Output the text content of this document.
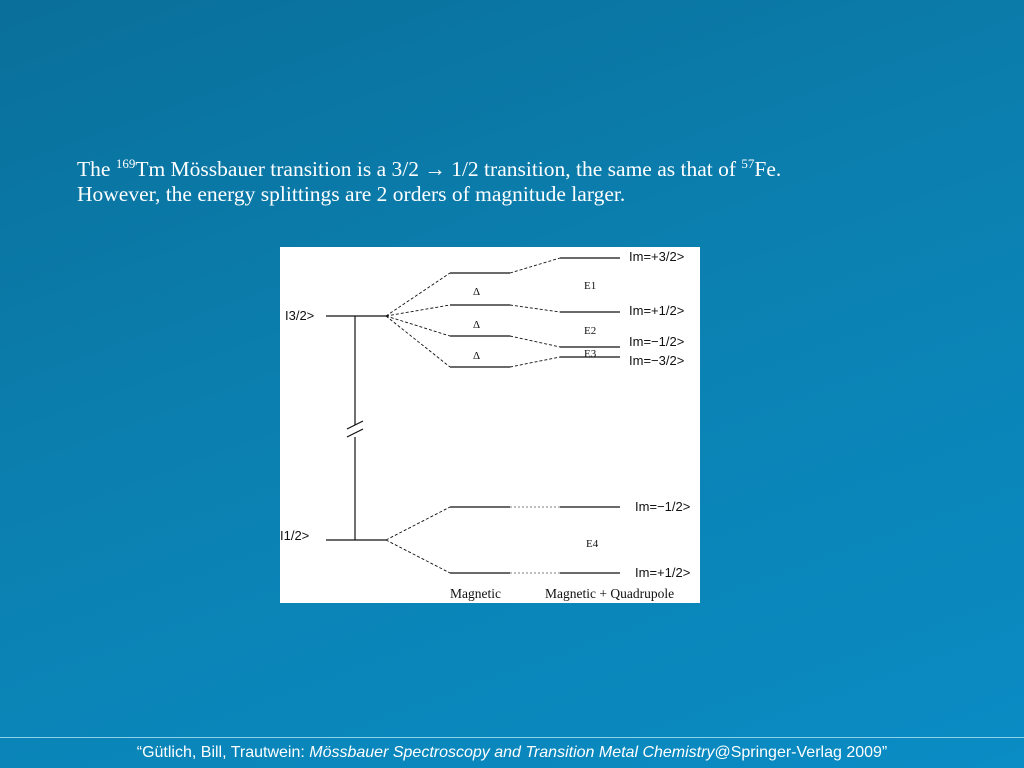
The $^{169}$Tm Mössbauer transition is a 3/2 → 1/2 transition, the same as that of $^{57}$Fe.
However, the energy splittings are 2 orders of magnitude larger.
I3/2>
I1/2>
Δ
Δ
Δ
E1
E2
E3
E4
Im=+3/2>
Im=+1/2>
Im=−1/2>
Im=−3/2>
Im=−1/2>
Im=+1/2>
Magnetic	Magnetic + Quadrupole
“Gütlich, Bill, Trautwein: Mössbauer Spectroscopy and Transition Metal Chemistry@Springer-Verlag 2009”
